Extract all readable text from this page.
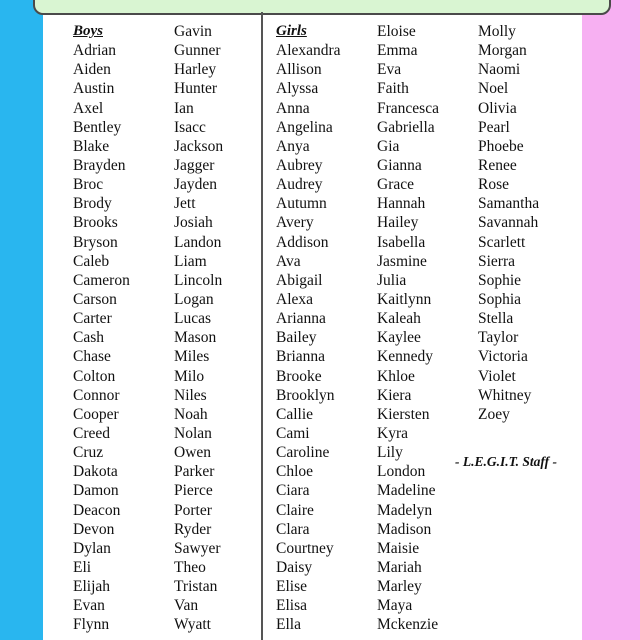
Boys
Adrian
Aiden
Austin
Axel
Bentley
Blake
Brayden
Broc
Brody
Brooks
Bryson
Caleb
Cameron
Carson
Carter
Cash
Chase
Colton
Connor
Cooper
Creed
Cruz
Dakota
Damon
Deacon
Devon
Dylan
Eli
Elijah
Evan
Flynn
Gavin
Gunner
Harley
Hunter
Ian
Isacc
Jackson
Jagger
Jayden
Jett
Josiah
Landon
Liam
Lincoln
Logan
Lucas
Mason
Miles
Milo
Niles
Noah
Nolan
Owen
Parker
Pierce
Porter
Ryder
Sawyer
Theo
Tristan
Van
Wyatt
Girls
Alexandra
Allison
Alyssa
Anna
Angelina
Anya
Aubrey
Audrey
Autumn
Avery
Addison
Ava
Abigail
Alexa
Arianna
Bailey
Brianna
Brooke
Brooklyn
Callie
Cami
Caroline
Chloe
Ciara
Claire
Clara
Courtney
Daisy
Elise
Elisa
Ella
Eloise
Emma
Eva
Faith
Francesca
Gabriella
Gia
Gianna
Grace
Hannah
Hailey
Isabella
Jasmine
Julia
Kaitlynn
Kaleah
Kaylee
Kennedy
Khloe
Kiera
Kiersten
Kyra
Lily
London
Madeline
Madelyn
Madison
Maisie
Mariah
Marley
Maya
Mckenzie
Molly
Morgan
Naomi
Noel
Olivia
Pearl
Phoebe
Renee
Rose
Samantha
Savannah
Scarlett
Sierra
Sophie
Sophia
Stella
Taylor
Victoria
Violet
Whitney
Zoey
- L.E.G.I.T. Staff -
